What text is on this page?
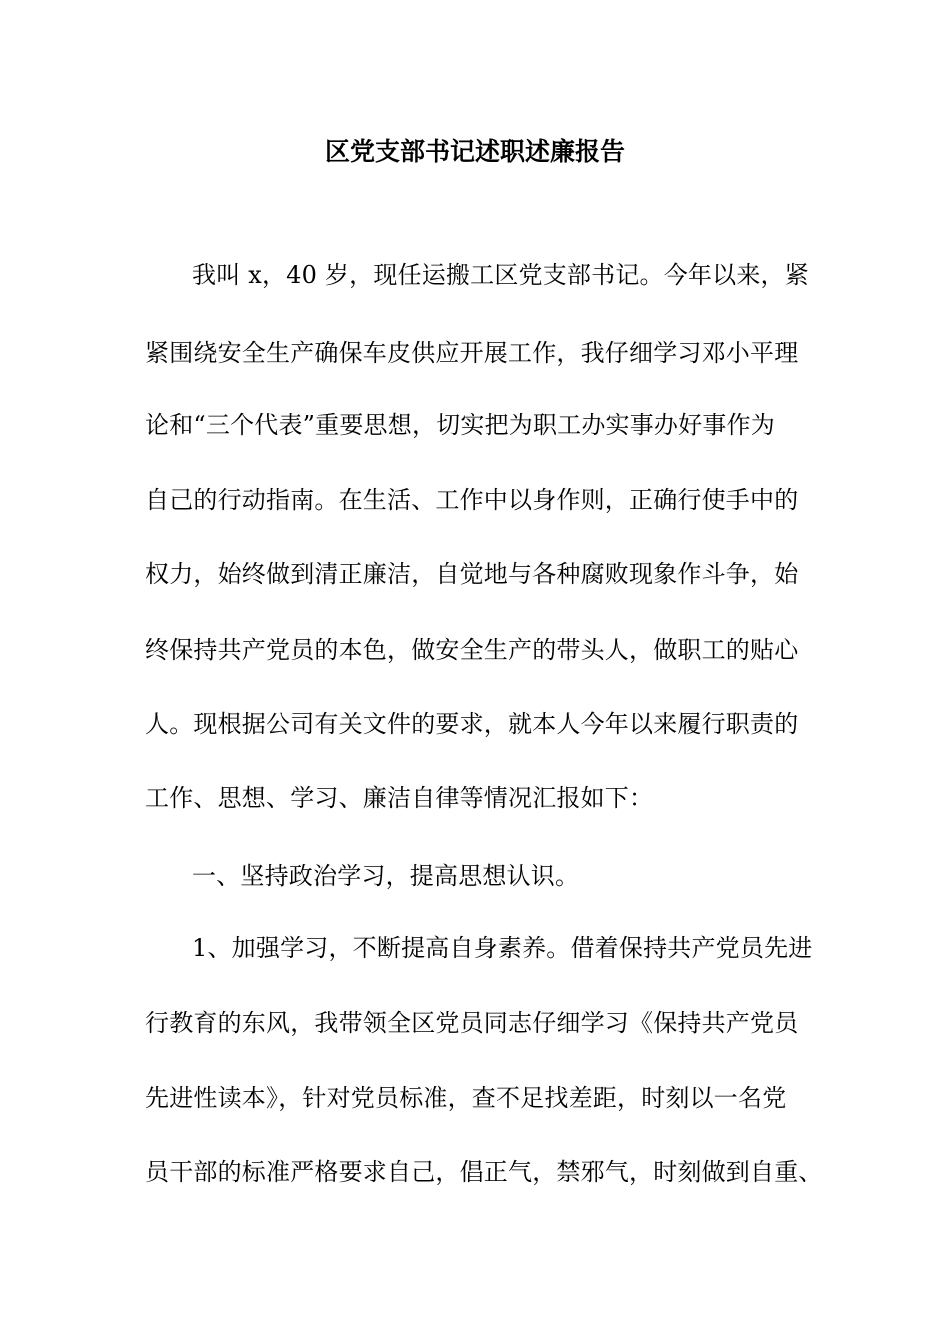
区党支部书记述职述廉报告
我叫 x，40 岁，现任运搬工区党支部书记。今年以来，紧
紧围绕安全生产确保车皮供应开展工作，我仔细学习邓小平理
论和“三个代表”重要思想，切实把为职工办实事办好事作为
自己的行动指南。在生活、工作中以身作则，正确行使手中的
权力，始终做到清正廉洁，自觉地与各种腐败现象作斗争，始
终保持共产党员的本色，做安全生产的带头人，做职工的贴心
人。现根据公司有关文件的要求，就本人今年以来履行职责的
工作、思想、学习、廉洁自律等情况汇报如下：
一、坚持政治学习，提高思想认识。
1、加强学习，不断提高自身素养。借着保持共产党员先进
行教育的东风，我带领全区党员同志仔细学习《保持共产党员
先进性读本》，针对党员标准，查不足找差距，时刻以一名党
员干部的标准严格要求自己，倡正气，禁邪气，时刻做到自重、
